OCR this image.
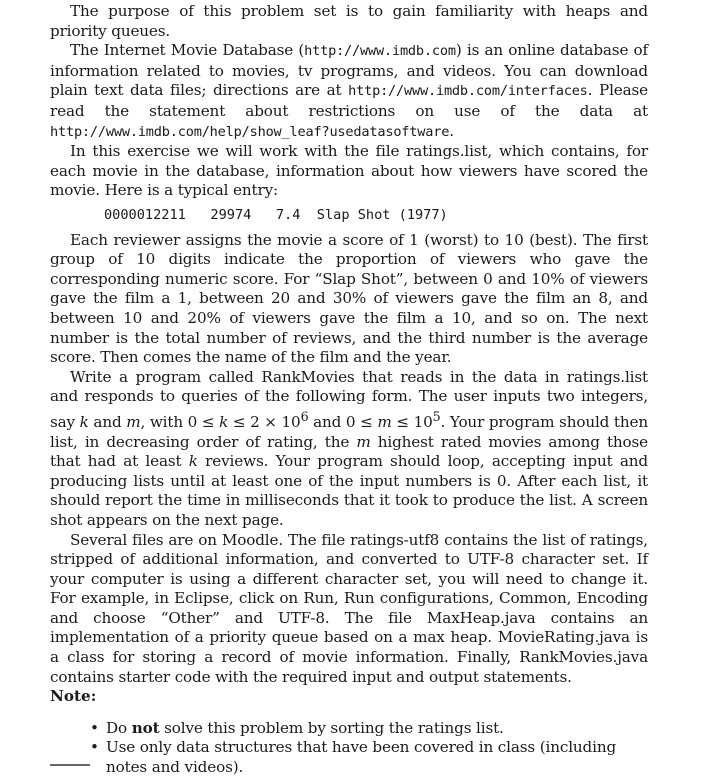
The purpose of this problem set is to gain familiarity with heaps and priority queues.

The Internet Movie Database (http://www.imdb.com) is an online database of information related to movies, tv programs, and videos. You can download plain text data files; directions are at http://www.imdb.com/interfaces. Please read the statement about restrictions on use of the data at http://www.imdb.com/help/show_leaf?usedatasoftware.

In this exercise we will work with the file ratings.list, which contains, for each movie in the database, information about how viewers have scored the movie. Here is a typical entry:

0000012211   29974   7.4  Slap Shot (1977)

Each reviewer assigns the movie a score of 1 (worst) to 10 (best). The first group of 10 digits indicate the proportion of viewers who gave the corresponding numeric score. For “Slap Shot”, between 0 and 10% of viewers gave the film a 1, between 20 and 30% of viewers gave the film an 8, and between 10 and 20% of viewers gave the film a 10, and so on. The next number is the total number of reviews, and the third number is the average score. Then comes the name of the film and the year.

Write a program called RankMovies that reads in the data in ratings.list and responds to queries of the following form. The user inputs two integers, say k and m, with $0 \le k \le 2 \times 10^6$ and $0 \le m \le 10^5$. Your program should then list, in decreasing order of rating, the m highest rated movies among those that had at least k reviews. Your program should loop, accepting input and producing lists until at least one of the input numbers is 0. After each list, it should report the time in milliseconds that it took to produce the list. A screen shot appears on the next page.

Several files are on Moodle. The file ratings-utf8 contains the list of ratings, stripped of additional information, and converted to UTF-8 character set. If your computer is using a different character set, you will need to change it. For example, in Eclipse, click on Run, Run configurations, Common, Encoding and choose “Other” and UTF-8. The file MaxHeap.java contains an implementation of a priority queue based on a max heap. MovieRating.java is a class for storing a record of movie information. Finally, RankMovies.java contains starter code with the required input and output statements.

Note:
• Do not solve this problem by sorting the ratings list.
• Use only data structures that have been covered in class (including notes and videos).
